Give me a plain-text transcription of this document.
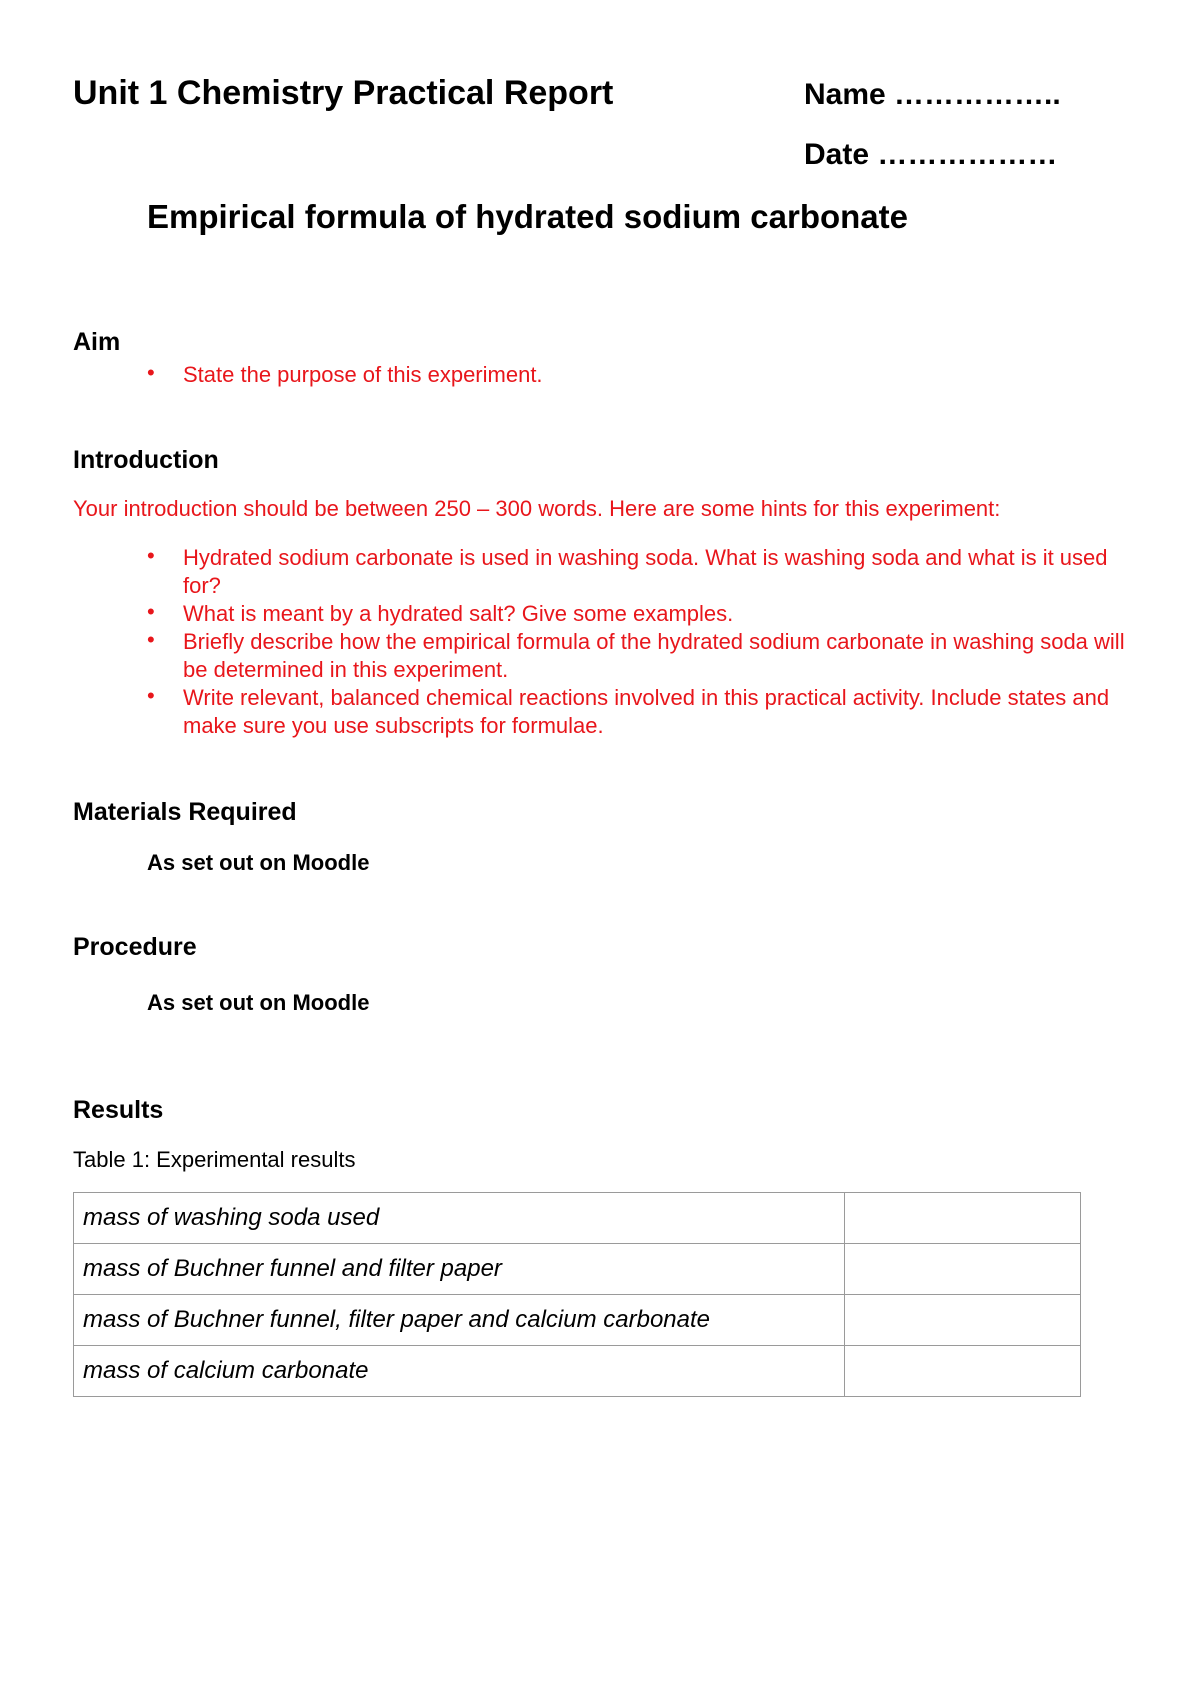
Unit 1 Chemistry Practical Report	Name ……………..
Date ………………
Empirical formula of hydrated sodium carbonate
Aim
• State the purpose of this experiment.
Introduction
Your introduction should be between 250 – 300 words. Here are some hints for this experiment:
• Hydrated sodium carbonate is used in washing soda. What is washing soda and what is it used for?
• What is meant by a hydrated salt? Give some examples.
• Briefly describe how the empirical formula of the hydrated sodium carbonate in washing soda will be determined in this experiment.
• Write relevant, balanced chemical reactions involved in this practical activity. Include states and make sure you use subscripts for formulae.
Materials Required
As set out on Moodle
Procedure
As set out on Moodle
Results
Table 1: Experimental results
mass of washing soda used	
mass of Buchner funnel and filter paper	
mass of Buchner funnel, filter paper and calcium carbonate	
mass of calcium carbonate	
